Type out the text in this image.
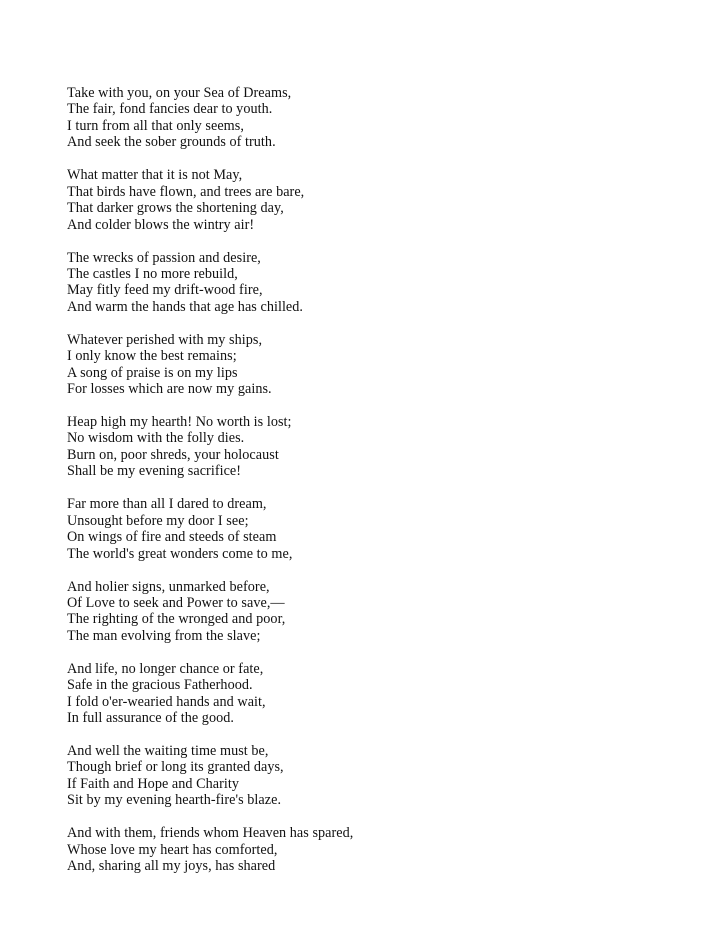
Take with you, on your Sea of Dreams,
The fair, fond fancies dear to youth.
I turn from all that only seems,
And seek the sober grounds of truth.
What matter that it is not May,
That birds have flown, and trees are bare,
That darker grows the shortening day,
And colder blows the wintry air!
The wrecks of passion and desire,
The castles I no more rebuild,
May fitly feed my drift-wood fire,
And warm the hands that age has chilled.
Whatever perished with my ships,
I only know the best remains;
A song of praise is on my lips
For losses which are now my gains.
Heap high my hearth! No worth is lost;
No wisdom with the folly dies.
Burn on, poor shreds, your holocaust
Shall be my evening sacrifice!
Far more than all I dared to dream,
Unsought before my door I see;
On wings of fire and steeds of steam
The world's great wonders come to me,
And holier signs, unmarked before,
Of Love to seek and Power to save,—
The righting of the wronged and poor,
The man evolving from the slave;
And life, no longer chance or fate,
Safe in the gracious Fatherhood.
I fold o'er-wearied hands and wait,
In full assurance of the good.
And well the waiting time must be,
Though brief or long its granted days,
If Faith and Hope and Charity
Sit by my evening hearth-fire's blaze.
And with them, friends whom Heaven has spared,
Whose love my heart has comforted,
And, sharing all my joys, has shared
